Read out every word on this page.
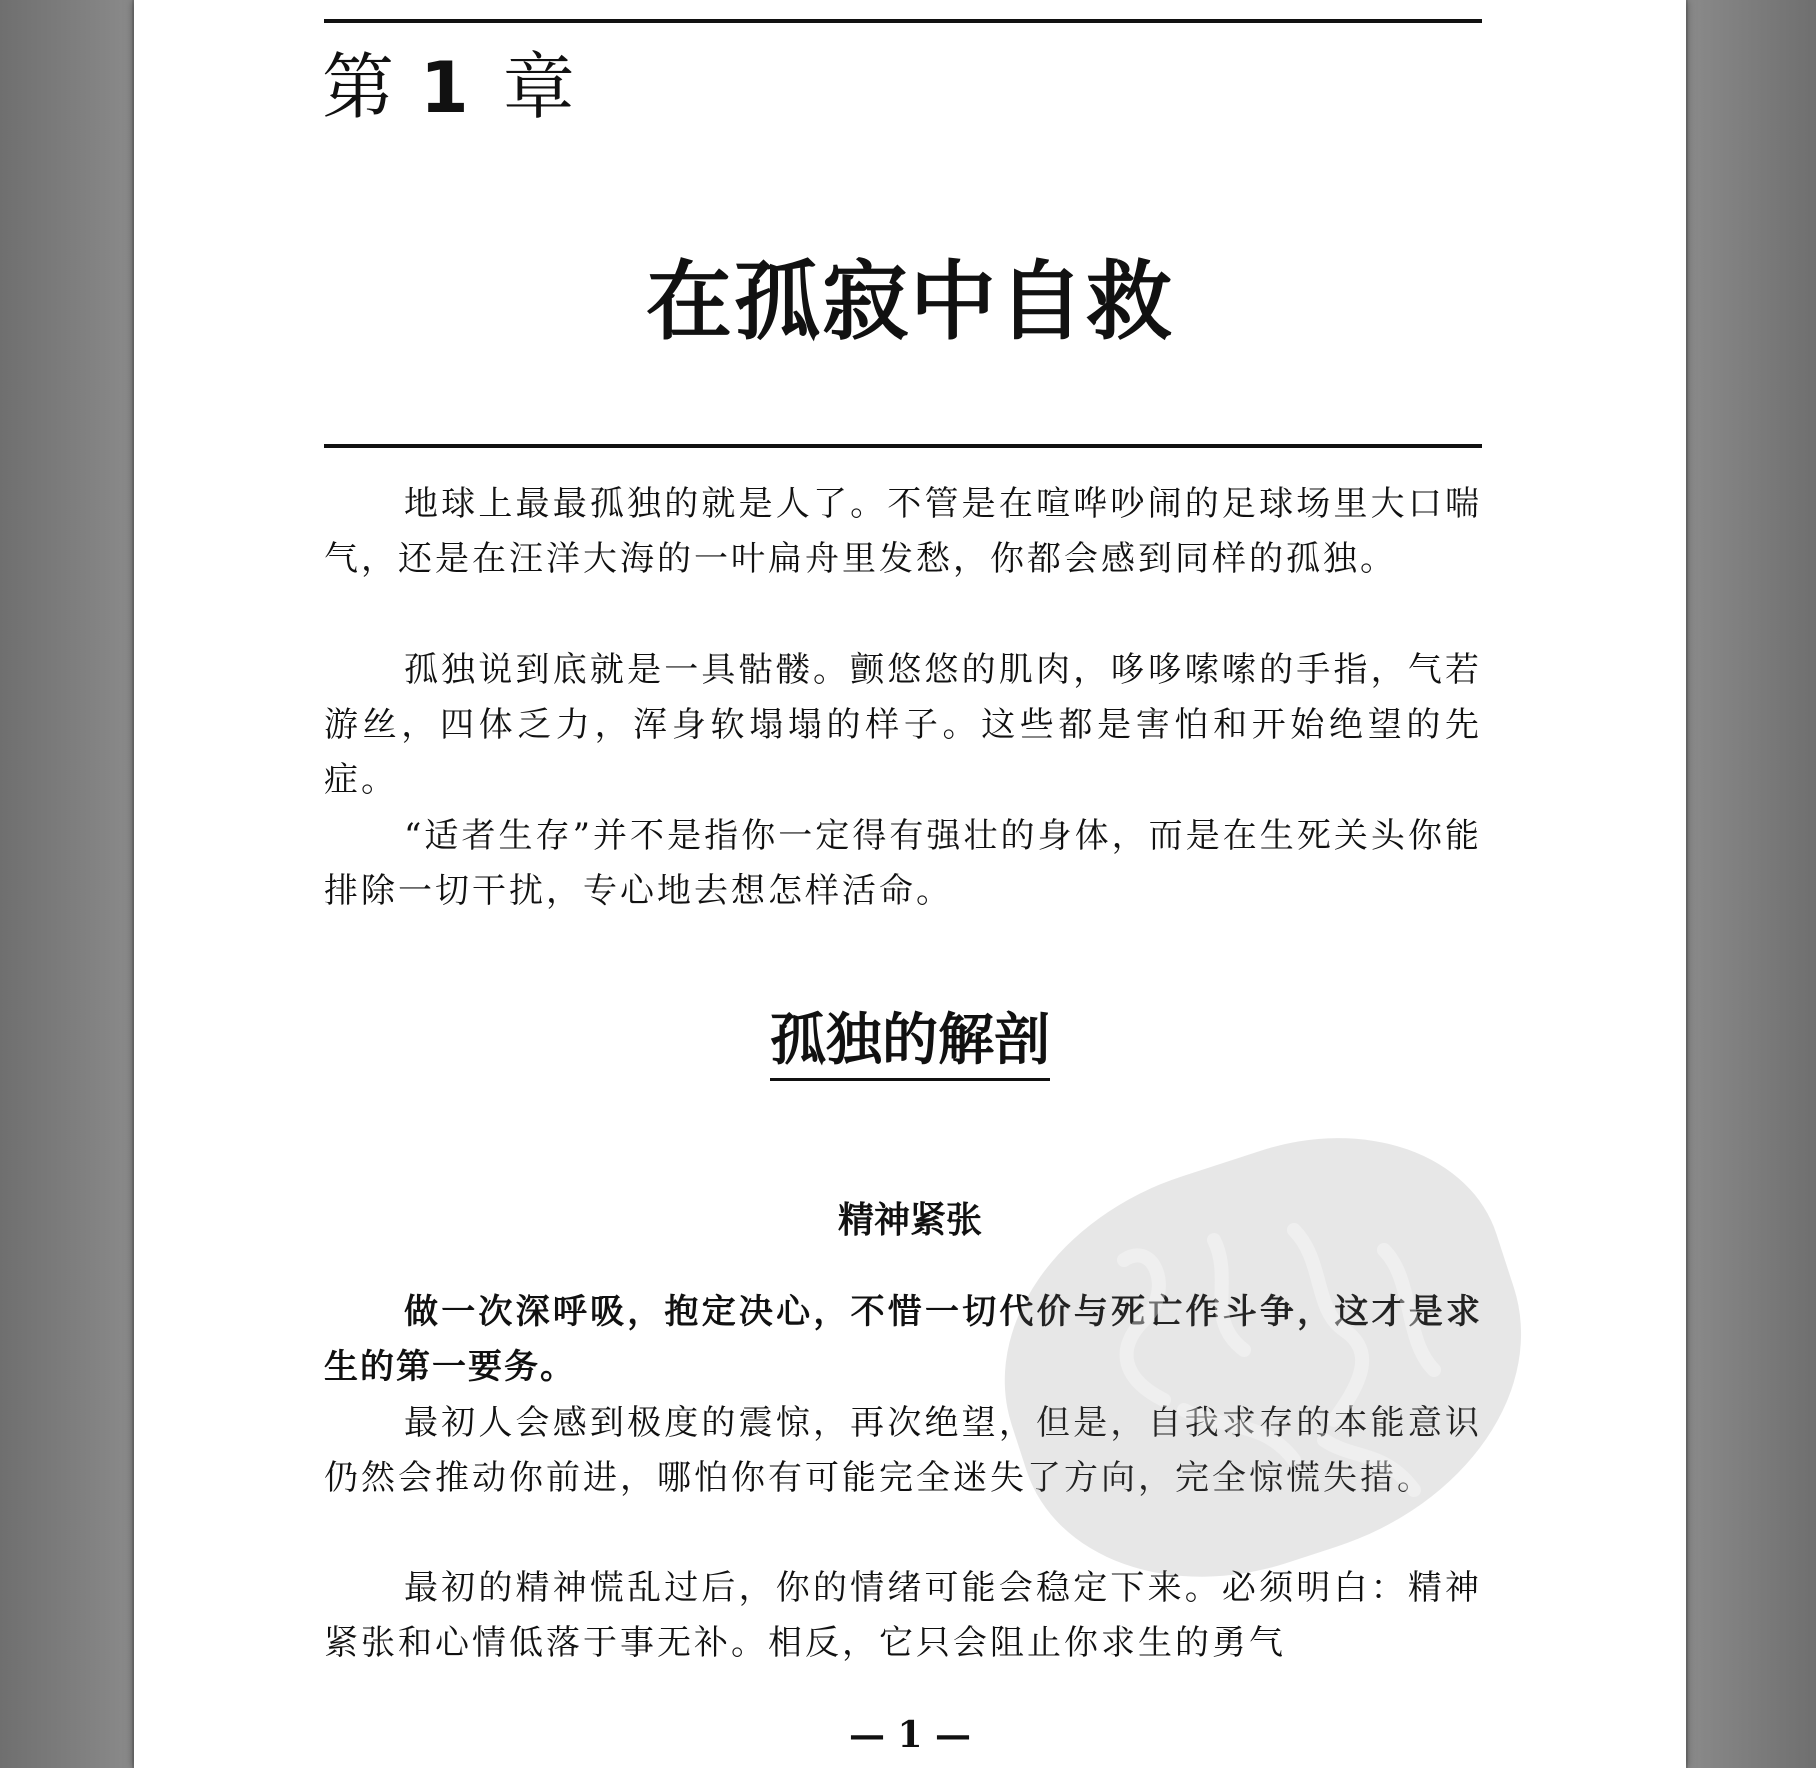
第 1 章
在孤寂中自救

地球上最最孤独的就是人了。不管是在喧哗吵闹的足球场里大口喘气，还是在汪洋大海的一叶扁舟里发愁，你都会感到同样的孤独。

孤独说到底就是一具骷髅。颤悠悠的肌肉，哆哆嗦嗦的手指，气若游丝，四体乏力，浑身软塌塌的样子。这些都是害怕和开始绝望的先症。

“适者生存”并不是指你一定得有强壮的身体，而是在生死关头你能排除一切干扰，专心地去想怎样活命。

孤独的解剖
精神紧张

做一次深呼吸，抱定决心，不惜一切代价与死亡作斗争，这才是求生的第一要务。

最初人会感到极度的震惊，再次绝望，但是，自我求存的本能意识仍然会推动你前进，哪怕你有可能完全迷失了方向，完全惊慌失措。

最初的精神慌乱过后，你的情绪可能会稳定下来。必须明白：精神紧张和心情低落于事无补。相反，它只会阻止你求生的勇气

— 1 —
